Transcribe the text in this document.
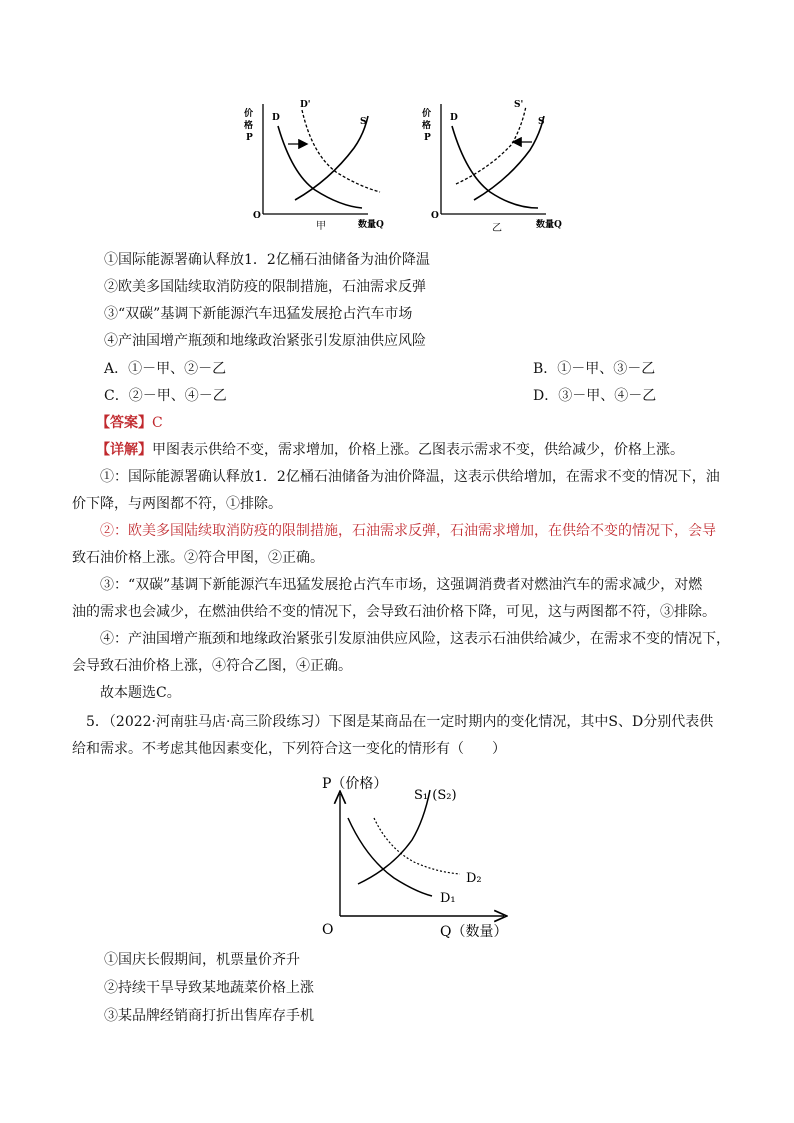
价
格
P
O
数量Q
甲
D
D'
S
价
格
P
O
数量Q
乙
D
S'
S
①国际能源署确认释放1．2亿桶石油储备为油价降温
②欧美多国陆续取消防疫的限制措施，石油需求反弹
③“双碳”基调下新能源汽车迅猛发展抢占汽车市场
④产油国增产瓶颈和地缘政治紧张引发原油供应风险
A．①－甲、②－乙	B．①－甲、③－乙
C．②－甲、④－乙	D．③－甲、④－乙
【答案】C
【详解】甲图表示供给不变，需求增加，价格上涨。乙图表示需求不变，供给减少，价格上涨。
①：国际能源署确认释放1．2亿桶石油储备为油价降温，这表示供给增加，在需求不变的情况下，油
价下降，与两图都不符，①排除。
②：欧美多国陆续取消防疫的限制措施，石油需求反弹，石油需求增加，在供给不变的情况下，会导
致石油价格上涨。②符合甲图，②正确。
③：“双碳”基调下新能源汽车迅猛发展抢占汽车市场，这强调消费者对燃油汽车的需求减少，对燃
油的需求也会减少，在燃油供给不变的情况下，会导致石油价格下降，可见，这与两图都不符，③排除。
④：产油国增产瓶颈和地缘政治紧张引发原油供应风险，这表示石油供给减少，在需求不变的情况下，
会导致石油价格上涨，④符合乙图，④正确。
故本题选C。
5．（2022·河南驻马店·高三阶段练习）下图是某商品在一定时期内的变化情况，其中S、D分别代表供
给和需求。不考虑其他因素变化，下列符合这一变化的情形有（　　）
P（价格）
O	Q（数量）
S₁ (S₂)
D₂
D₁
①国庆长假期间，机票量价齐升
②持续干旱导致某地蔬菜价格上涨
③某品牌经销商打折出售库存手机
